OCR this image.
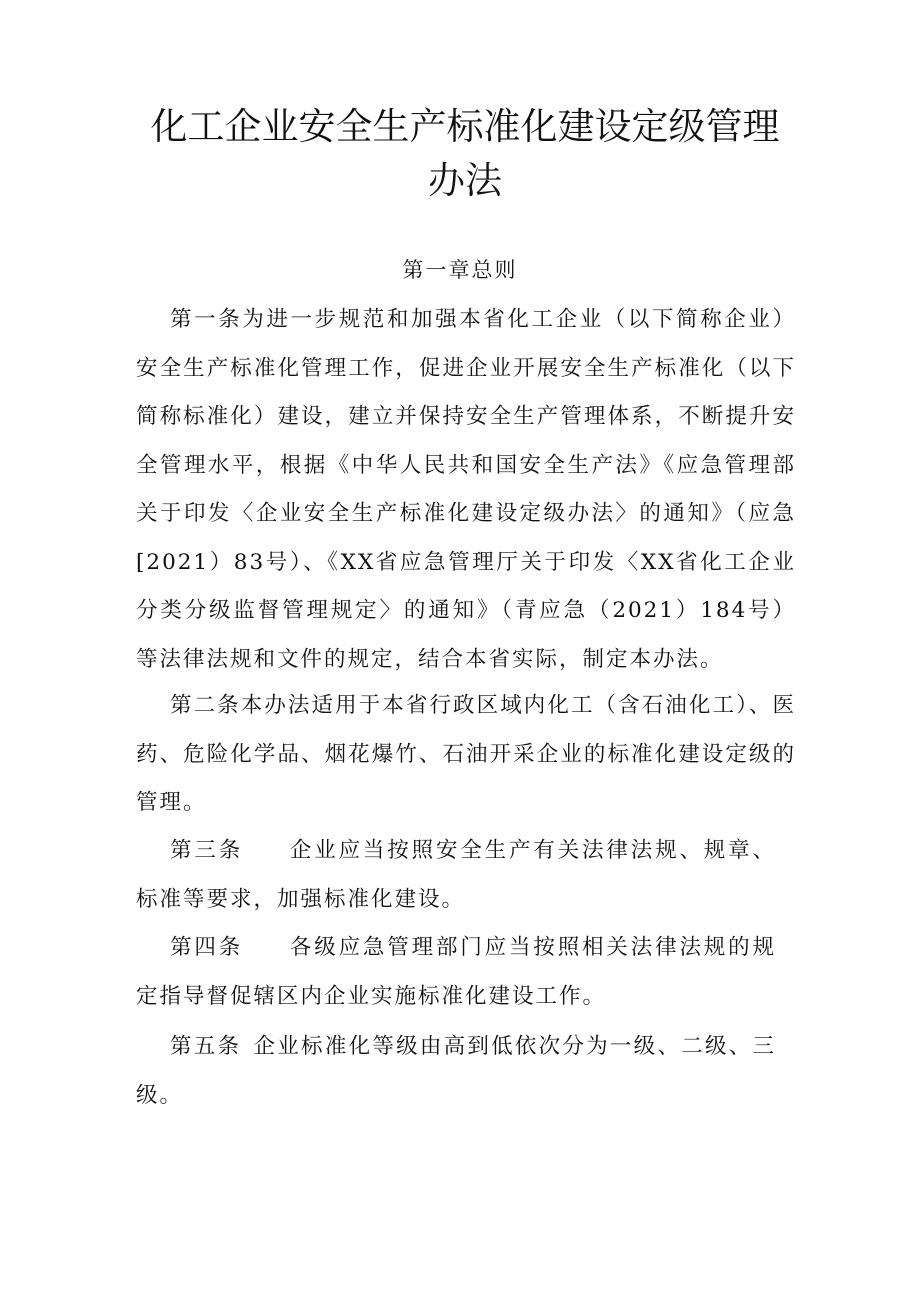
化工企业安全生产标准化建设定级管理办法
第一章总则
第一条为进一步规范和加强本省化工企业（以下简称企业）安全生产标准化管理工作，促进企业开展安全生产标准化（以下简称标准化）建设，建立并保持安全生产管理体系，不断提升安全管理水平，根据《中华人民共和国安全生产法》《应急管理部关于印发〈企业安全生产标准化建设定级办法〉的通知》（应急[2021）83号）、《XX省应急管理厅关于印发〈XX省化工企业分类分级监督管理规定〉的通知》（青应急（2021）184号）等法律法规和文件的规定，结合本省实际，制定本办法。
第二条本办法适用于本省行政区域内化工（含石油化工）、医药、危险化学品、烟花爆竹、石油开采企业的标准化建设定级的管理。
第三条 企业应当按照安全生产有关法律法规、规章、标准等要求，加强标准化建设。
第四条 各级应急管理部门应当按照相关法律法规的规定指导督促辖区内企业实施标准化建设工作。
第五条 企业标准化等级由高到低依次分为一级、二级、三级。
